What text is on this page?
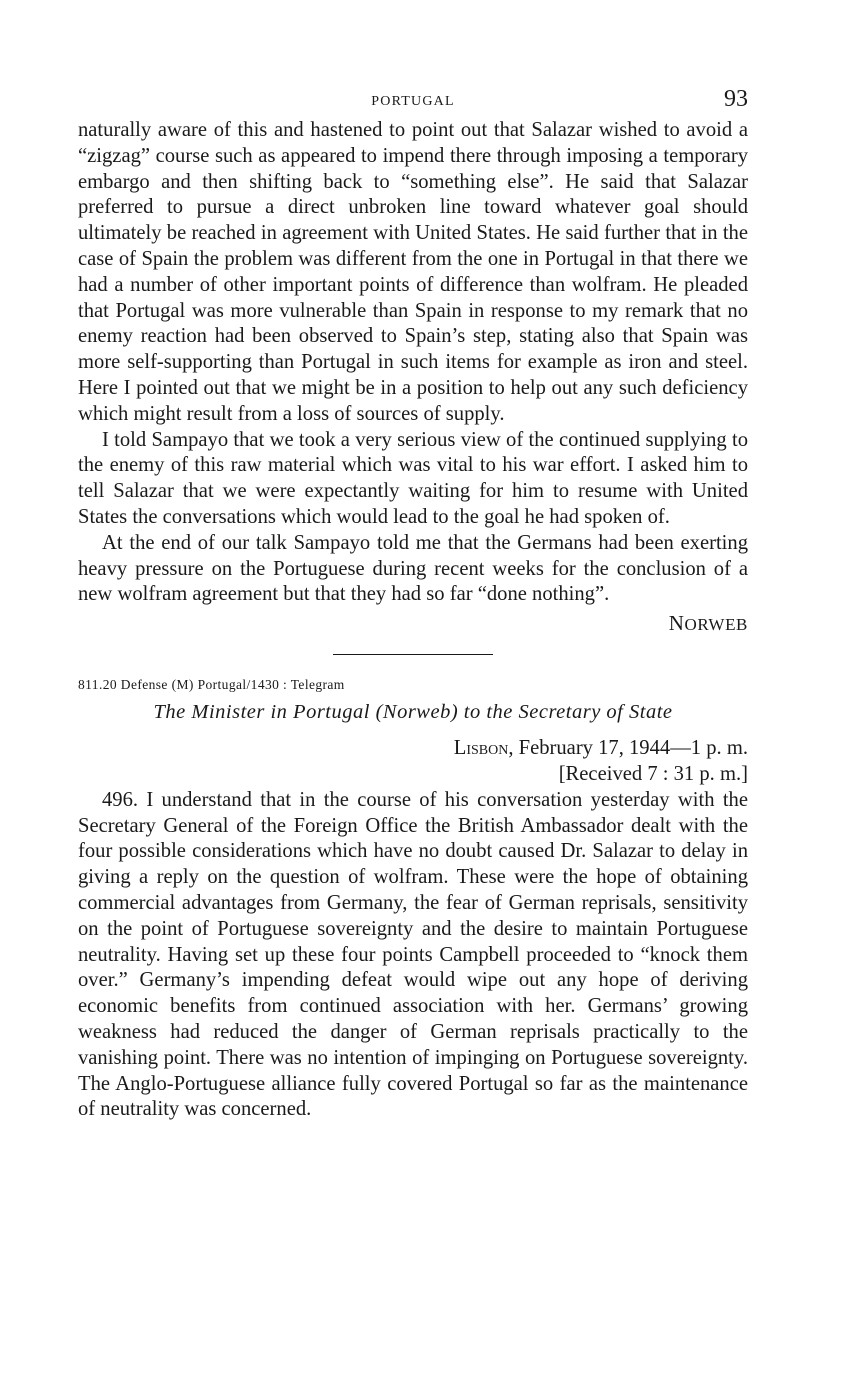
PORTUGAL	93

naturally aware of this and hastened to point out that Salazar wished to avoid a “zigzag” course such as appeared to impend there through imposing a temporary embargo and then shifting back to “something else”. He said that Salazar preferred to pursue a direct unbroken line toward whatever goal should ultimately be reached in agreement with United States. He said further that in the case of Spain the problem was different from the one in Portugal in that there we had a number of other important points of difference than wolfram. He pleaded that Portugal was more vulnerable than Spain in response to my remark that no enemy reaction had been observed to Spain’s step, stating also that Spain was more self-supporting than Portugal in such items for example as iron and steel. Here I pointed out that we might be in a position to help out any such deficiency which might result from a loss of sources of supply.

I told Sampayo that we took a very serious view of the continued supplying to the enemy of this raw material which was vital to his war effort. I asked him to tell Salazar that we were expectantly waiting for him to resume with United States the conversations which would lead to the goal he had spoken of.

At the end of our talk Sampayo told me that the Germans had been exerting heavy pressure on the Portuguese during recent weeks for the conclusion of a new wolfram agreement but that they had so far “done nothing”.

NORWEB
811.20 Defense (M) Portugal/1430 : Telegram
The Minister in Portugal (Norweb) to the Secretary of State
Lisbon, February 17, 1944—1 p. m.
[Received 7 : 31 p. m.]

496. I understand that in the course of his conversation yesterday with the Secretary General of the Foreign Office the British Ambassador dealt with the four possible considerations which have no doubt caused Dr. Salazar to delay in giving a reply on the question of wolfram. These were the hope of obtaining commercial advantages from Germany, the fear of German reprisals, sensitivity on the point of Portuguese sovereignty and the desire to maintain Portuguese neutrality. Having set up these four points Campbell proceeded to “knock them over.” Germany’s impending defeat would wipe out any hope of deriving economic benefits from continued association with her. Germans’ growing weakness had reduced the danger of German reprisals practically to the vanishing point. There was no intention of impinging on Portuguese sovereignty. The Anglo-Portuguese alliance fully covered Portugal so far as the maintenance of neutrality was concerned.
